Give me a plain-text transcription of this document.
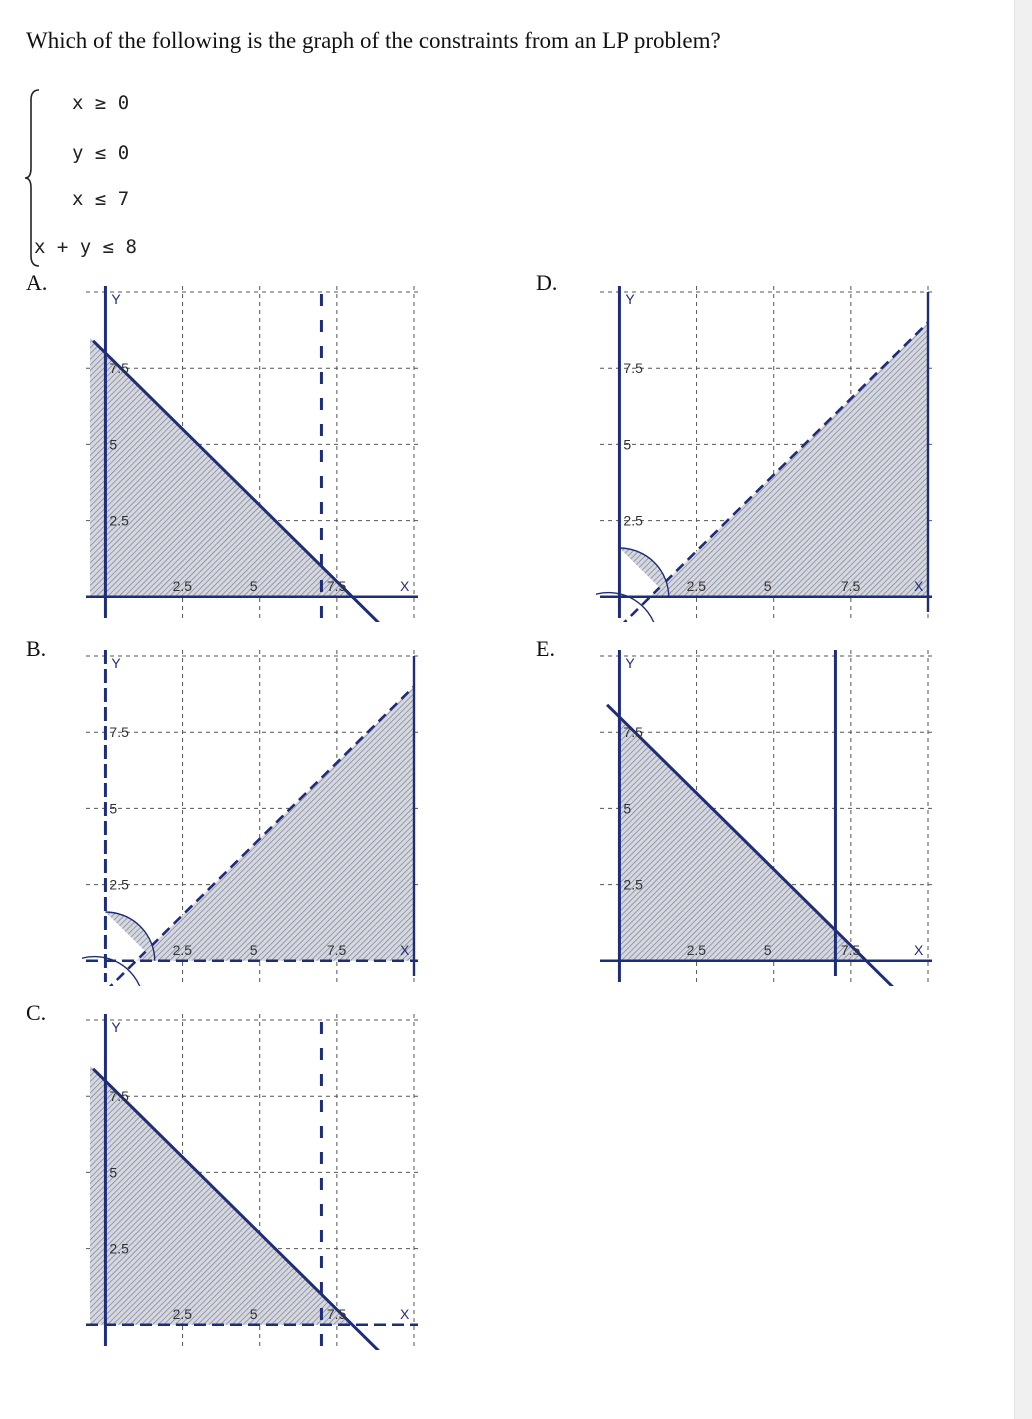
Which of the following is the graph of the constraints from an LP problem?
x ≥ 0
y ≤ 0
x ≤ 7
x + y ≤ 8
A.
2.5	5	7.5
2.5
5
7.5
X
Y
B.
2.5	5	7.5
2.5
5
7.5
X
Y
C.
2.5	5	7.5
2.5
5
7.5
X
Y
D.
2.5	5	7.5
2.5
5
7.5
X
Y
E.
2.5	5	7.5
2.5
5
7.5
X
Y
